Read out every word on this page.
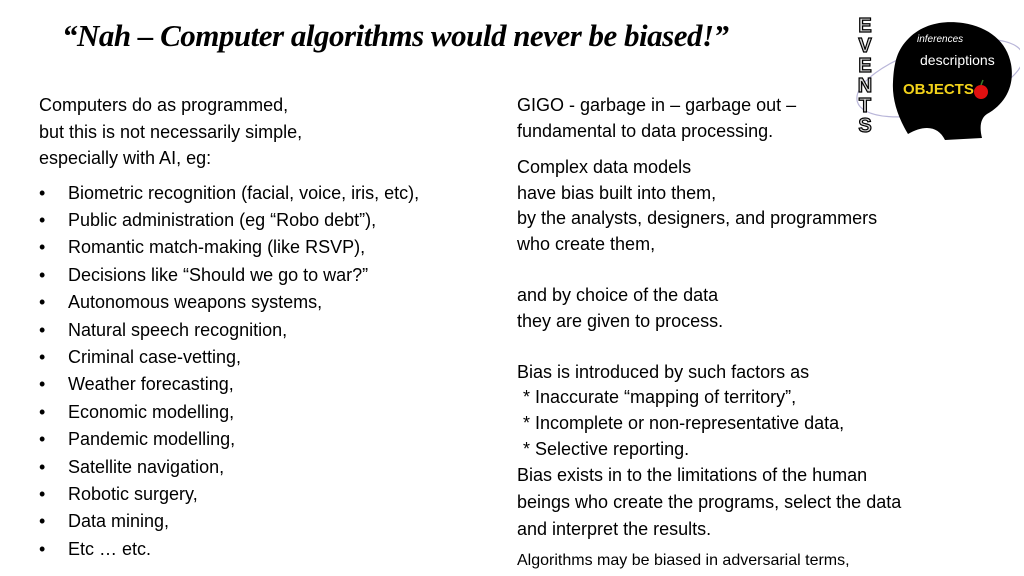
“Nah – Computer algorithms would never be biased!”
Computers do as programmed,
but this is not necessarily simple,
especially with AI, eg:
• Biometric recognition (facial, voice, iris, etc),
• Public administration (eg “Robo debt”),
• Romantic match-making (like RSVP),
• Decisions like “Should we go to war?”
• Autonomous weapons systems,
• Natural speech recognition,
• Criminal case-vetting,
• Weather forecasting,
• Economic modelling,
• Pandemic modelling,
• Satellite navigation,
• Robotic surgery,
• Data mining,
• Etc … etc.
GIGO - garbage in – garbage out –
fundamental to data processing.
Complex data models
have bias built into them,
by the analysts, designers, and programmers
who create them,
and by choice of the data
they are given to process.
Bias is introduced by such factors as
* Inaccurate “mapping of territory”,
* Incomplete or non-representative data,
* Selective reporting.
Bias exists in to the limitations of the human
beings who create the programs, select the data
and interpret the results.
Algorithms may be biased in adversarial terms,
E
V
E
N
T
S
inferences
descriptions
OBJECTS
